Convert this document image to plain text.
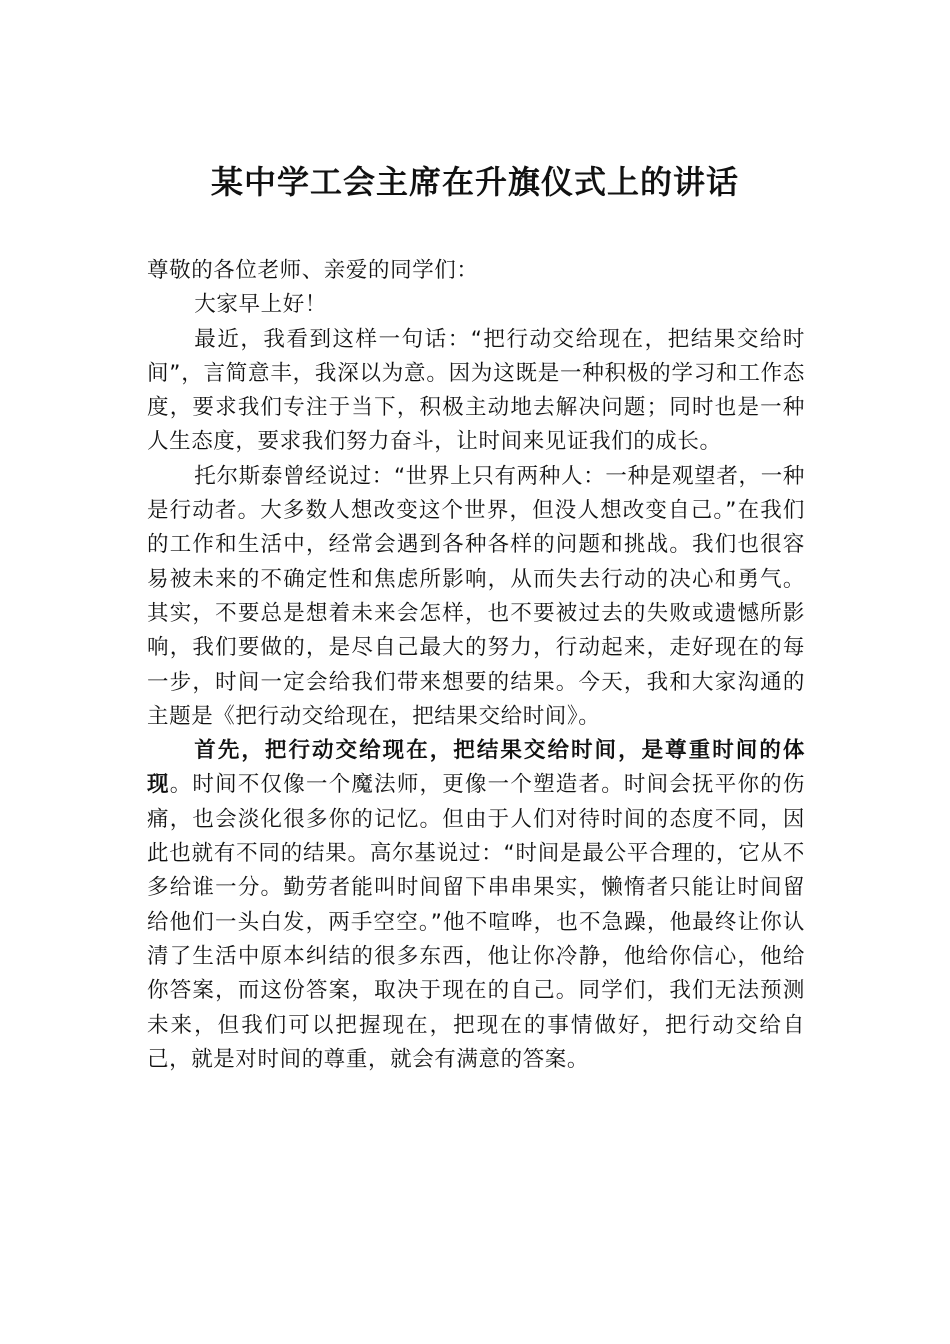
某中学工会主席在升旗仪式上的讲话

尊敬的各位老师、亲爱的同学们：

大家早上好！

最近，我看到这样一句话：“把行动交给现在，把结果交给时间”，言简意丰，我深以为意。因为这既是一种积极的学习和工作态度，要求我们专注于当下，积极主动地去解决问题；同时也是一种人生态度，要求我们努力奋斗，让时间来见证我们的成长。

托尔斯泰曾经说过：“世界上只有两种人：一种是观望者，一种是行动者。大多数人想改变这个世界，但没人想改变自己。”在我们的工作和生活中，经常会遇到各种各样的问题和挑战。我们也很容易被未来的不确定性和焦虑所影响，从而失去行动的决心和勇气。其实，不要总是想着未来会怎样，也不要被过去的失败或遗憾所影响，我们要做的，是尽自己最大的努力，行动起来，走好现在的每一步，时间一定会给我们带来想要的结果。今天，我和大家沟通的主题是《把行动交给现在，把结果交给时间》。

首先，把行动交给现在，把结果交给时间，是尊重时间的体现。时间不仅像一个魔法师，更像一个塑造者。时间会抚平你的伤痛，也会淡化很多你的记忆。但由于人们对待时间的态度不同，因此也就有不同的结果。高尔基说过：“时间是最公平合理的，它从不多给谁一分。勤劳者能叫时间留下串串果实，懒惰者只能让时间留给他们一头白发，两手空空。”他不喧哗，也不急躁，他最终让你认清了生活中原本纠结的很多东西，他让你冷静，他给你信心，他给你答案，而这份答案，取决于现在的自己。同学们，我们无法预测未来，但我们可以把握现在，把现在的事情做好，把行动交给自己，就是对时间的尊重，就会有满意的答案。
